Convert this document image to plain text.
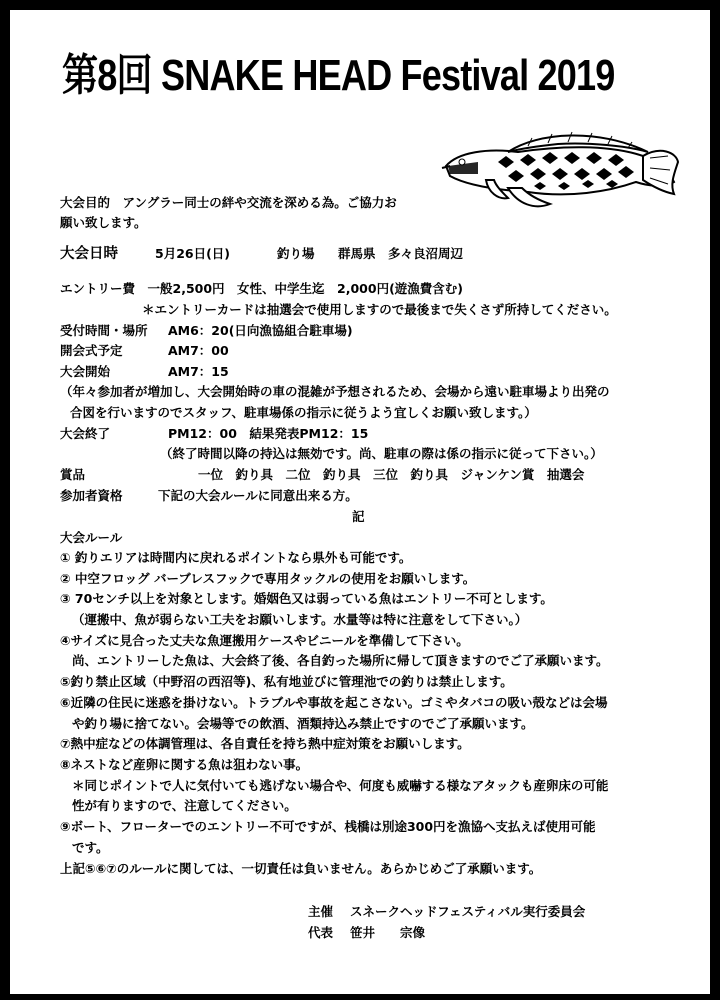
第8回 SNAKE HEAD Festival 2019
大会目的　アングラー同士の絆や交流を深める為。ご協力お
願い致します。
大会日時	5月26日(日)	釣り場 群馬県　多々良沼周辺
エントリー費　一般2,500円　女性、中学生迄　2,000円(遊漁費含む)
＊エントリーカードは抽選会で使用しますので最後まで失くさず所持してください。
受付時間・場所 AM6：20(日向漁協組合駐車場)
開会式予定	AM7：00
大会開始	AM7：15
（年々参加者が増加し、大会開始時の車の混雑が予想されるため、会場から遠い駐車場より出発の
合図を行いますのでスタッフ、駐車場係の指示に従うよう宜しくお願い致します。）
大会終了	PM12：00　結果発表PM12：15
（終了時間以降の持込は無効です。尚、駐車の際は係の指示に従って下さい。）
賞品	一位　釣り具　二位　釣り具　三位　釣り具　ジャンケン賞　抽選会
参加者資格	下記の大会ルールに同意出来る方。
記
大会ルール
① 釣りエリアは時間内に戻れるポイントなら県外も可能です。
② 中空フロッグ バーブレスフックで専用タックルの使用をお願いします。
③ 70センチ以上を対象とします。婚姻色又は弱っている魚はエントリー不可とします。
（運搬中、魚が弱らない工夫をお願いします。水量等は特に注意をして下さい。）
④サイズに見合った丈夫な魚運搬用ケースやビニールを準備して下さい。
尚、エントリーした魚は、大会終了後、各自釣った場所に帰して頂きますのでご了承願います。
⑤釣り禁止区域（中野沼の西沼等)、私有地並びに管理池での釣りは禁止します。
⑥近隣の住民に迷惑を掛けない。トラブルや事故を起こさない。ゴミやタバコの吸い殻などは会場
や釣り場に捨てない。会場等での飲酒、酒類持込み禁止ですのでご了承願います。
⑦熱中症などの体調管理は、各自責任を持ち熱中症対策をお願いします。
⑧ネストなど産卵に関する魚は狙わない事。
＊同じポイントで人に気付いても逃げない場合や、何度も威嚇する様なアタックも産卵床の可能
性が有りますので、注意してください。
⑨ボート、フローターでのエントリー不可ですが、桟橋は別途300円を漁協へ支払えば使用可能
です。
上記⑤⑥⑦のルールに関しては、一切責任は負いません。あらかじめご了承願います。
主催 スネークヘッドフェスティバル実行委員会
代表 笹井　　宗像
